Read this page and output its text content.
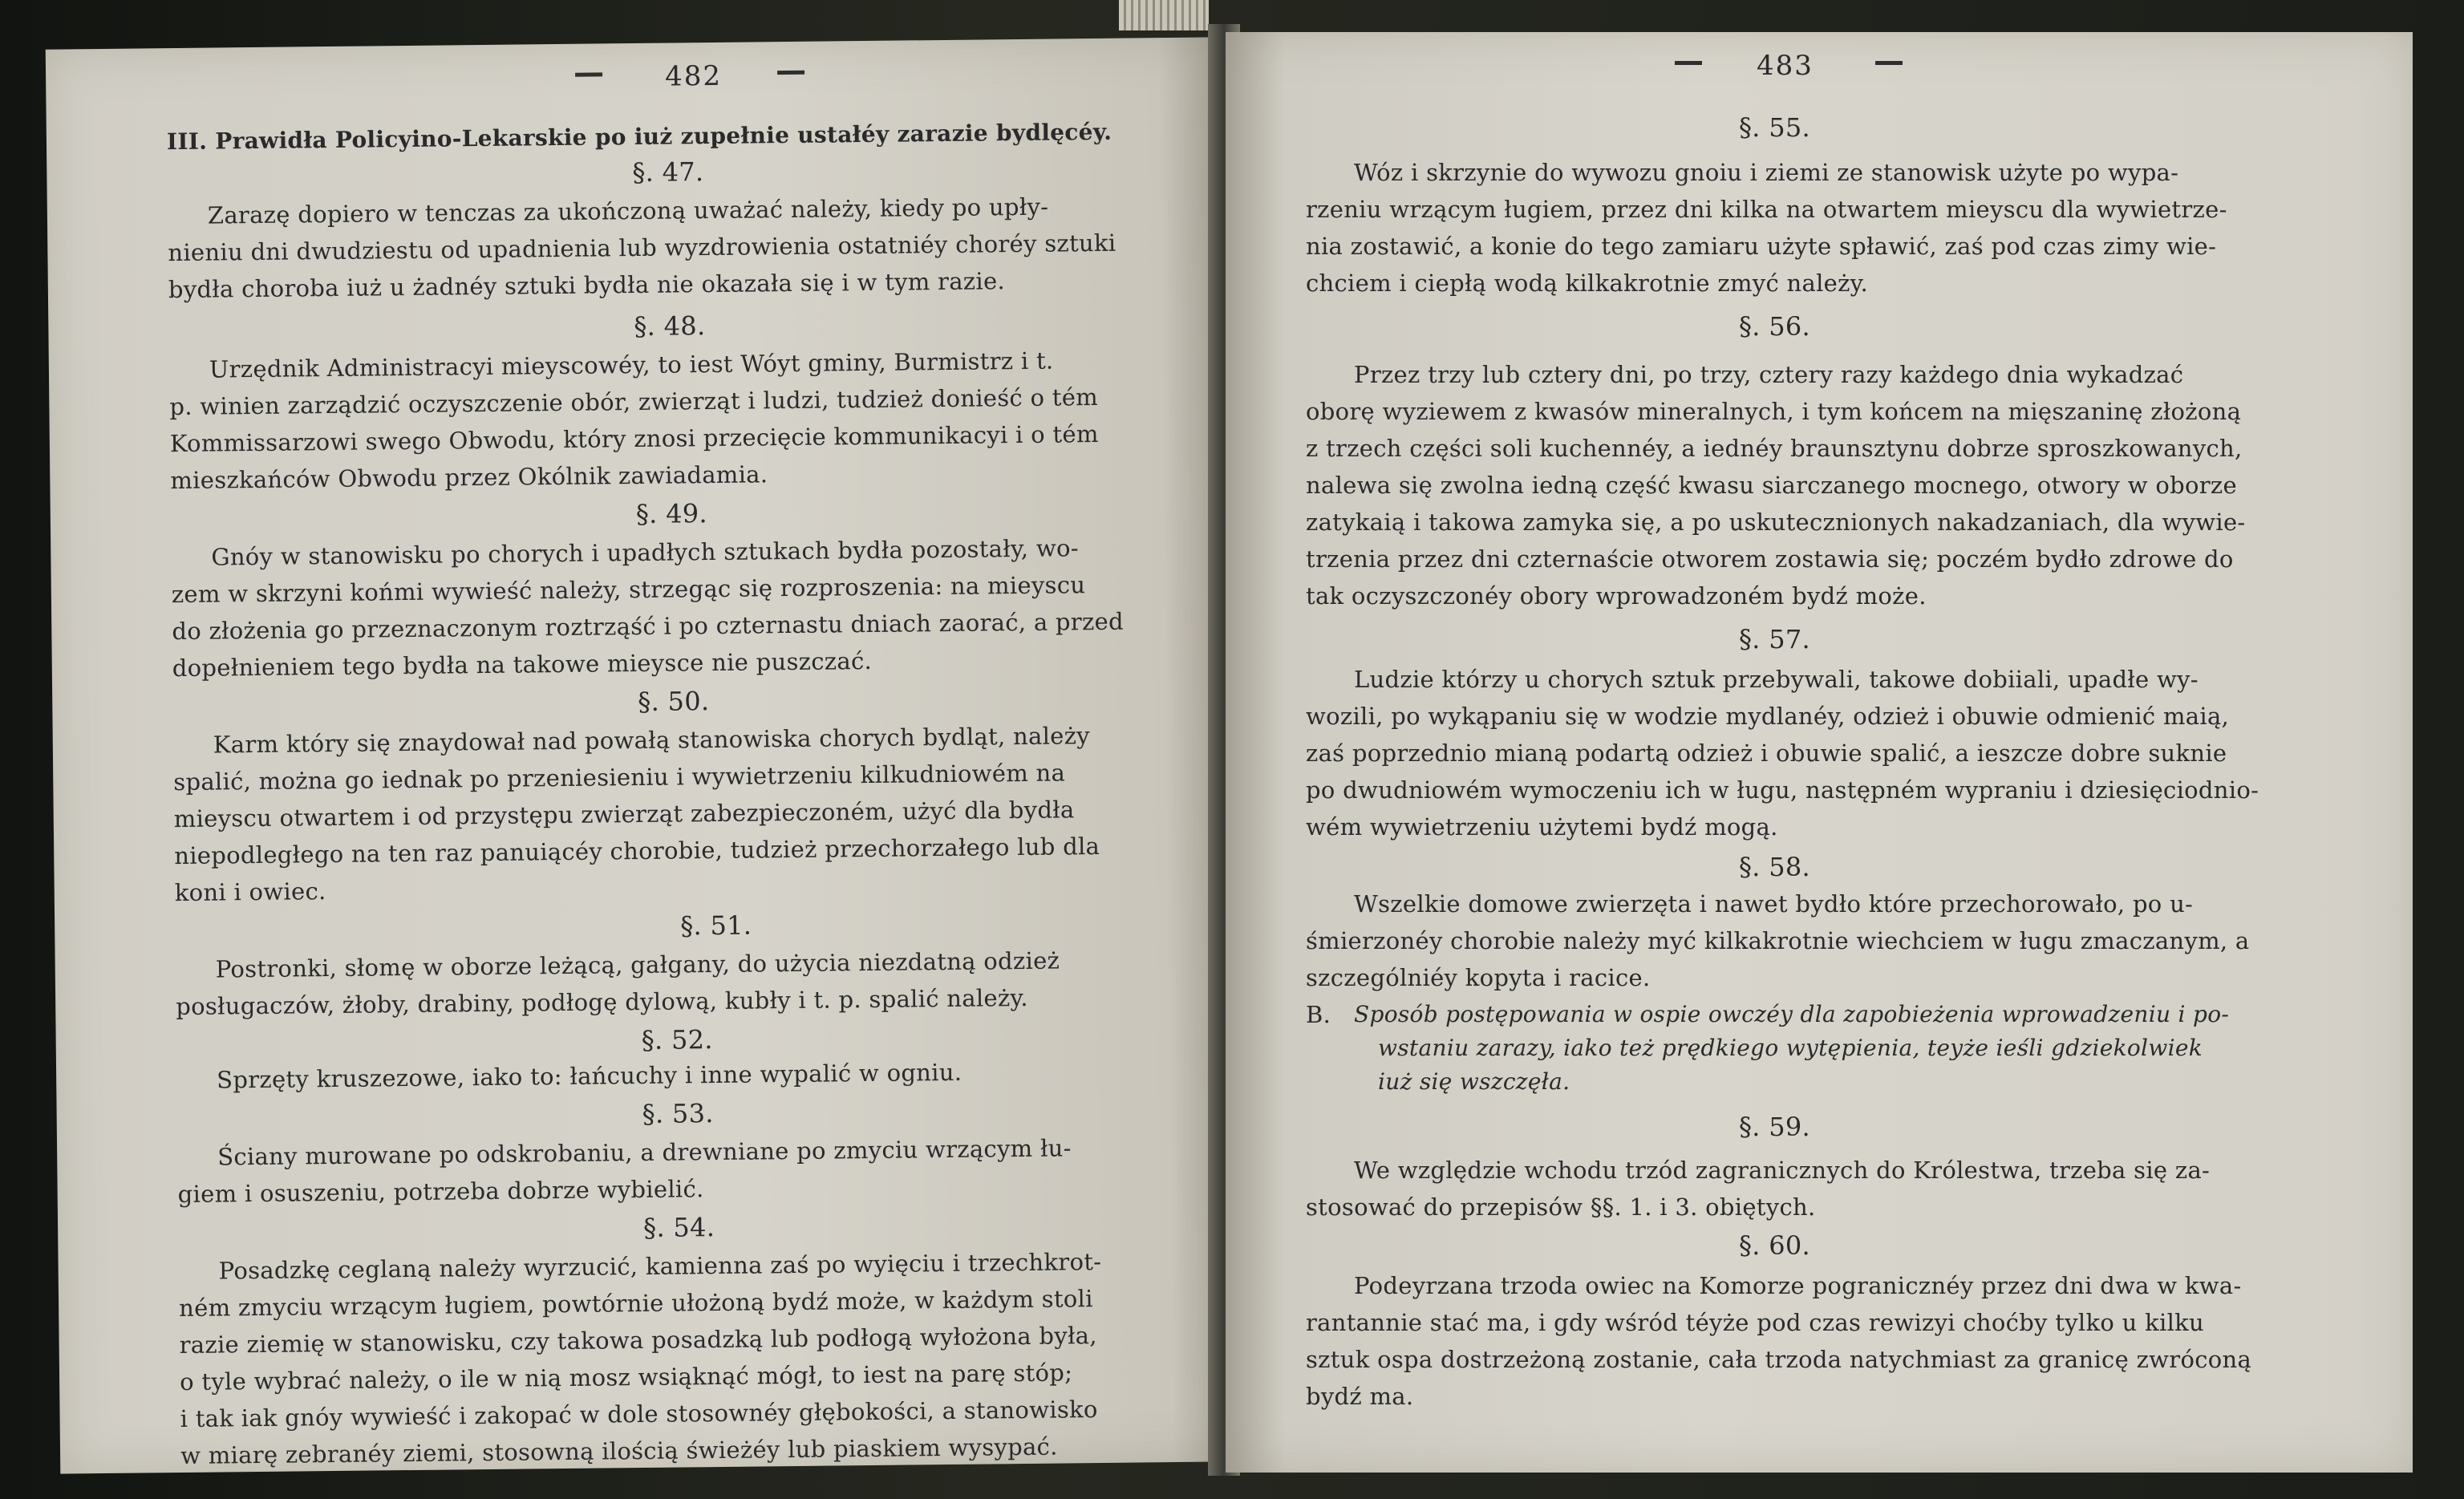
482
III. Prawidła Policyino-Lekarskie po iuż zupełnie ustałéy zarazie bydlęcéy.
§. 47.
Zarazę dopiero w tenczas za ukończoną uważać należy, kiedy po upły-
nieniu dni dwudziestu od upadnienia lub wyzdrowienia ostatniéy choréy sztuki
bydła choroba iuż u żadnéy sztuki bydła nie okazała się i w tym razie.
§. 48.
Urzędnik Administracyi mieyscowéy, to iest Wóyt gminy, Burmistrz i t.
p. winien zarządzić oczyszczenie obór, zwierząt i ludzi, tudzież donieść o tém
Kommissarzowi swego Obwodu, który znosi przecięcie kommunikacyi i o tém
mieszkańców Obwodu przez Okólnik zawiadamia.
§. 49.
Gnóy w stanowisku po chorych i upadłych sztukach bydła pozostały, wo-
zem w skrzyni końmi wywieść należy, strzegąc się rozproszenia: na mieyscu
do złożenia go przeznaczonym roztrząść i po czternastu dniach zaorać, a przed
dopełnieniem tego bydła na takowe mieysce nie puszczać.
§. 50.
Karm który się znaydował nad powałą stanowiska chorych bydląt, należy
spalić, można go iednak po przeniesieniu i wywietrzeniu kilkudniowém na
mieyscu otwartem i od przystępu zwierząt zabezpieczoném, użyć dla bydła
niepodległego na ten raz panuiącéy chorobie, tudzież przechorzałego lub dla
koni i owiec.
§. 51.
Postronki, słomę w oborze leżącą, gałgany, do użycia niezdatną odzież
posługaczów, żłoby, drabiny, podłogę dylową, kubły i t. p. spalić należy.
§. 52.
Sprzęty kruszezowe, iako to: łańcuchy i inne wypalić w ogniu.
§. 53.
Ściany murowane po odskrobaniu, a drewniane po zmyciu wrzącym łu-
giem i osuszeniu, potrzeba dobrze wybielić.
§. 54.
Posadzkę ceglaną należy wyrzucić, kamienna zaś po wyięciu i trzechkrot-
ném zmyciu wrzącym ługiem, powtórnie ułożoną bydź może, w każdym stoli
razie ziemię w stanowisku, czy takowa posadzką lub podłogą wyłożona była,
o tyle wybrać należy, o ile w nią mosz wsiąknąć mógł, to iest na parę stóp;
i tak iak gnóy wywieść i zakopać w dole stosownéy głębokości, a stanowisko
w miarę zebranéy ziemi, stosowną ilością świeżéy lub piaskiem wysypać.
483
§. 55.
Wóz i skrzynie do wywozu gnoiu i ziemi ze stanowisk użyte po wypa-
rzeniu wrzącym ługiem, przez dni kilka na otwartem mieyscu dla wywietrze-
nia zostawić, a konie do tego zamiaru użyte spławić, zaś pod czas zimy wie-
chciem i ciepłą wodą kilkakrotnie zmyć należy.
§. 56.
Przez trzy lub cztery dni, po trzy, cztery razy każdego dnia wykadzać
oborę wyziewem z kwasów mineralnych, i tym końcem na mięszaninę złożoną
z trzech części soli kuchennéy, a iednéy braunsztynu dobrze sproszkowanych,
nalewa się zwolna iedną część kwasu siarczanego mocnego, otwory w oborze
zatykaią i takowa zamyka się, a po uskutecznionych nakadzaniach, dla wywie-
trzenia przez dni czternaście otworem zostawia się; poczém bydło zdrowe do
tak oczyszczonéy obory wprowadzoném bydź może.
§. 57.
Ludzie którzy u chorych sztuk przebywali, takowe dobiiali, upadłe wy-
wozili, po wykąpaniu się w wodzie mydlanéy, odzież i obuwie odmienić maią,
zaś poprzednio mianą podartą odzież i obuwie spalić, a ieszcze dobre suknie
po dwudniowém wymoczeniu ich w ługu, następném wypraniu i dziesięciodnio-
wém wywietrzeniu użytemi bydź mogą.
§. 58.
Wszelkie domowe zwierzęta i nawet bydło które przechorowało, po u-
śmierzonéy chorobie należy myć kilkakrotnie wiechciem w ługu zmaczanym, a
szczególniéy kopyta i racice.
B. Sposób postępowania w ospie owczéy dla zapobieżenia wprowadzeniu i po-
wstaniu zarazy, iako też prędkiego wytępienia, teyże ieśli gdziekolwiek
iuż się wszczęła.
§. 59.
We względzie wchodu trzód zagranicznych do Królestwa, trzeba się za-
stosować do przepisów §§. 1. i 3. obiętych.
§. 60.
Podeyrzana trzoda owiec na Komorze pogranicznéy przez dni dwa w kwa-
rantannie stać ma, i gdy wśród téyże pod czas rewizyi choćby tylko u kilku
sztuk ospa dostrzeżoną zostanie, cała trzoda natychmiast za granicę zwróconą
bydź ma.
